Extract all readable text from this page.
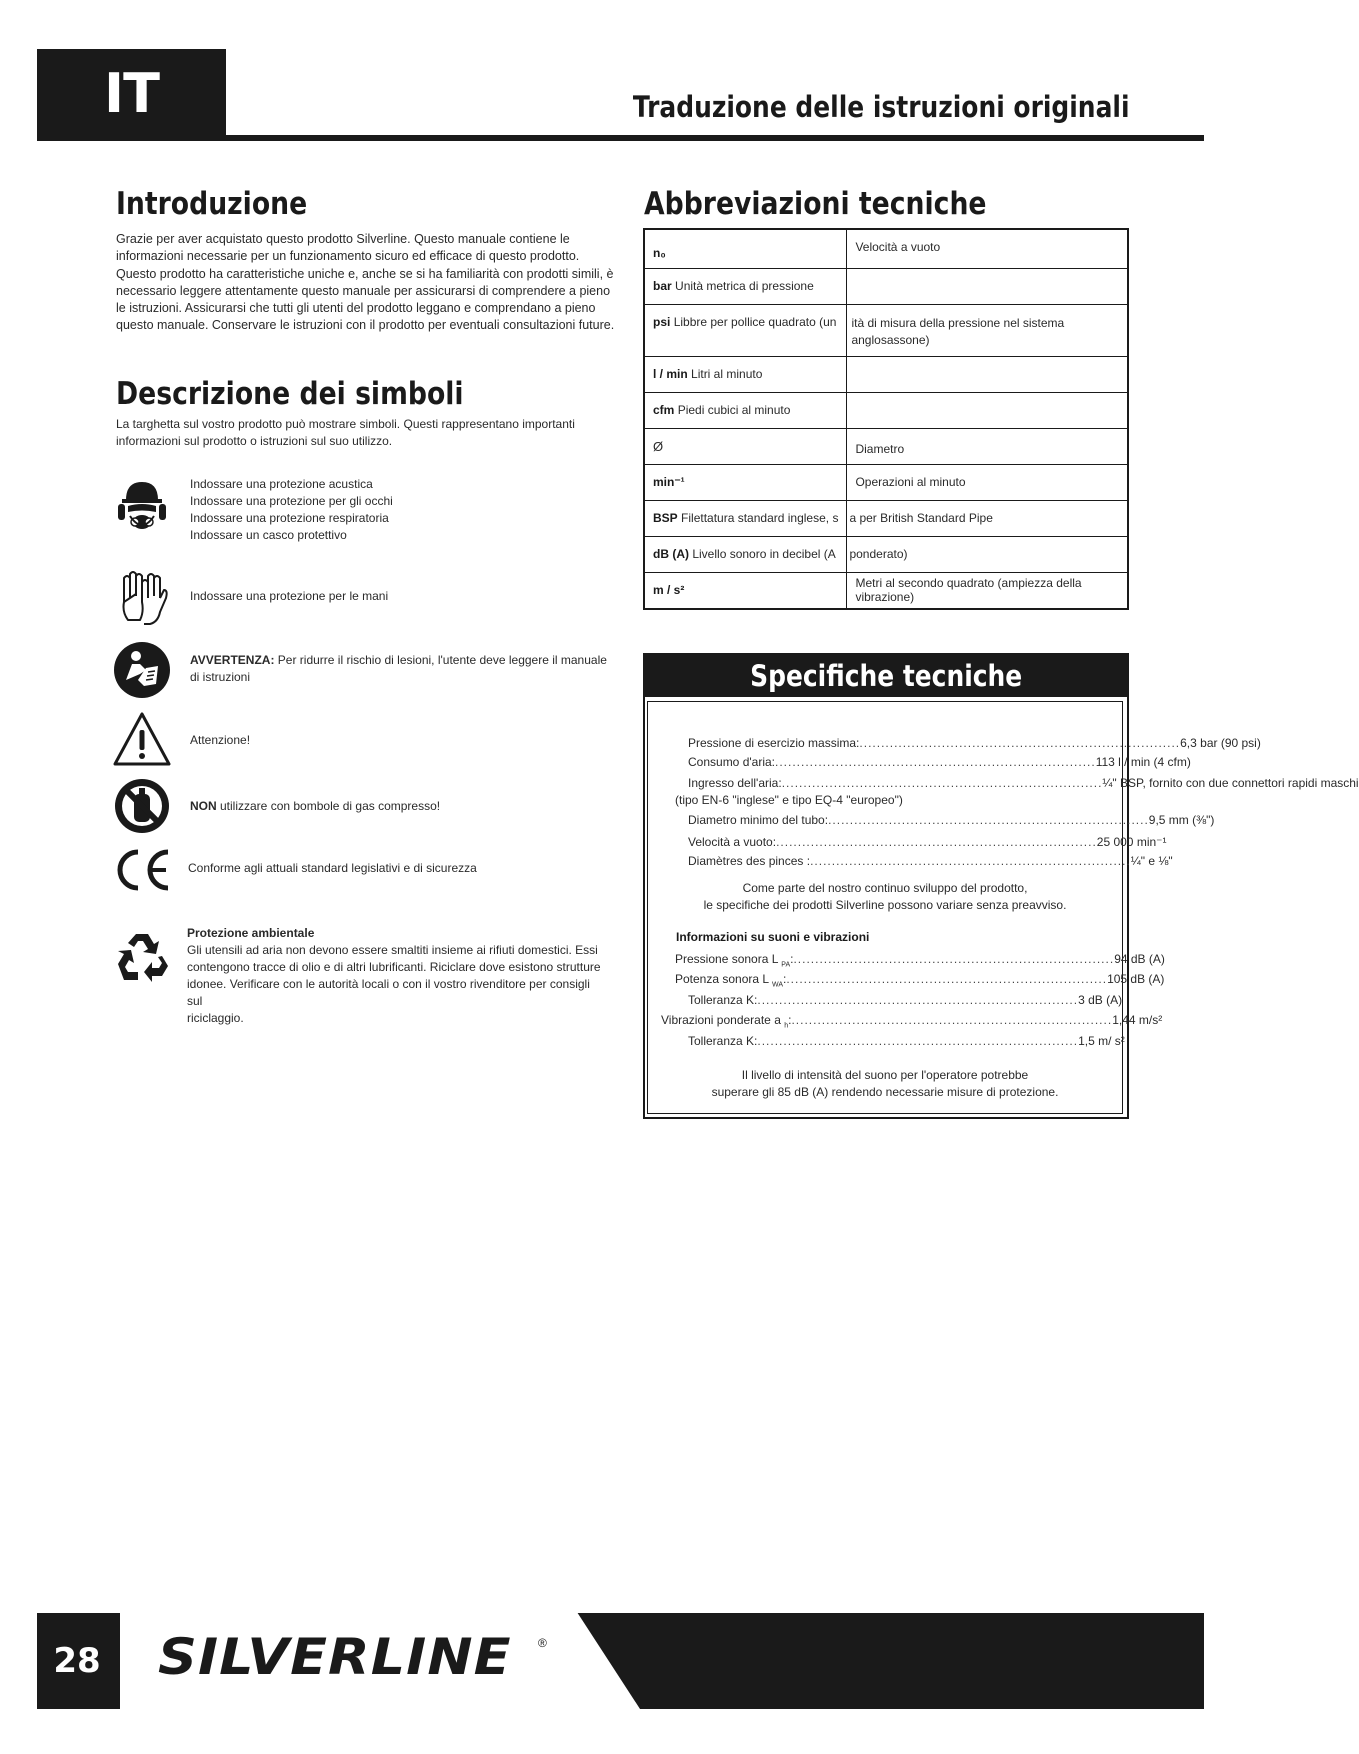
IT	Traduzione delle istruzioni originali
Introduzione
Grazie per aver acquistato questo prodotto Silverline. Questo manuale contiene le
informazioni necessarie per un funzionamento sicuro ed efficace di questo prodotto.
Questo prodotto ha caratteristiche uniche e, anche se si ha familiarità con prodotti simili, è
necessario leggere attentamente questo manuale per assicurarsi di comprendere a pieno
le istruzioni. Assicurarsi che tutti gli utenti del prodotto leggano e comprendano a pieno
questo manuale. Conservare le istruzioni con il prodotto per eventuali consultazioni future.
Descrizione dei simboli
La targhetta sul vostro prodotto può mostrare simboli. Questi rappresentano importanti
informazioni sul prodotto o istruzioni sul suo utilizzo.
Indossare una protezione acustica
Indossare una protezione per gli occhi
Indossare una protezione respiratoria
Indossare un casco protettivo
Indossare una protezione per le mani
AVVERTENZA: Per ridurre il rischio di lesioni, l'utente deve leggere il manuale
di istruzioni
Attenzione!
NON utilizzare con bombole di gas compresso!
Conforme agli attuali standard legislativi e di sicurezza
Protezione ambientale
Gli utensili ad aria non devono essere smaltiti insieme ai rifiuti domestici. Essi
contengono tracce di olio e di altri lubrificanti. Riciclare dove esistono strutture
idonee. Verificare con le autorità locali o con il vostro rivenditore per consigli sul
riciclaggio.
Abbreviazioni tecniche
n₀	Velocità a vuoto
bar Unità metrica di pressione	
psi Libbre per pollice quadrato (un	ità di misura della pressione nel sistema anglosassone)
l / min Litri al minuto	
cfm Piedi cubici al minuto	
Ø	Diametro
min⁻¹	Operazioni al minuto
BSP Filettatura standard inglese, s	a per British Standard Pipe
dB (A) Livello sonoro in decibel (A	ponderato)
m / s²	Metri al secondo quadrato (ampiezza della vibrazione)
Specifiche tecniche
Pressione di esercizio massima: .......................................................................... 6,3 bar (90 psi)
Consumo d'aria: .......................................................................... 113 l / min (4 cfm)
Ingresso dell'aria: .......................................................................... ¼" BSP, fornito con due connettori rapidi maschi
(tipo EN-6 "inglese" e tipo EQ-4 "europeo")
Diametro minimo del tubo: .......................................................................... 9,5 mm (⅜")
Velocità a vuoto: .......................................................................... 25 000 min⁻¹
Diamètres des pinces : .......................................................................... ¼" e ⅛"
Come parte del nostro continuo sviluppo del prodotto,
le specifiche dei prodotti Silverline possono variare senza preavviso.
Informazioni su suoni e vibrazioni
Pressione sonora L $_{PA}$: .......................................................................... 94 dB (A)
Potenza sonora L $_{WA}$: .......................................................................... 105 dB (A)
Tolleranza K: .......................................................................... 3 dB (A)
Vibrazioni ponderate a $_h$: .......................................................................... 1,44 m/s²
Tolleranza K: .......................................................................... 1,5 m/ s²
Il livello di intensità del suono per l'operatore potrebbe
superare gli 85 dB (A) rendendo necessarie misure di protezione.
28	SILVERLINE ®
